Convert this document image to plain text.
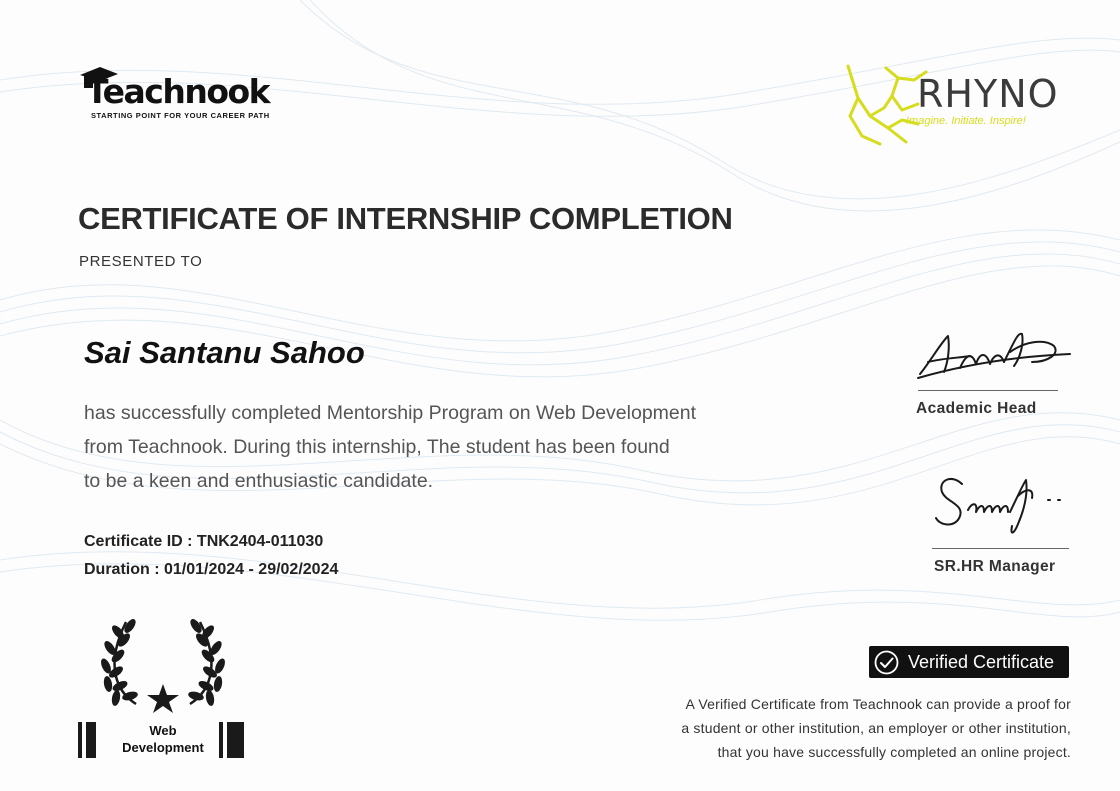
Teachnook
STARTING POINT FOR YOUR CAREER PATH	RHYNO
Imagine. Initiate. Inspire!
CERTIFICATE OF INTERNSHIP COMPLETION
PRESENTED TO
Sai Santanu Sahoo
has successfully completed Mentorship Program on Web Development
from Teachnook. During this internship, The student has been found
to be a keen and enthusiastic candidate.
Certificate ID : TNK2404-011030
Duration : 01/01/2024 - 29/02/2024
Academic Head
SR.HR Manager
Web
Development
Verified Certificate
A Verified Certificate from Teachnook can provide a proof for
a student or other institution, an employer or other institution,
that you have successfully completed an online project.
